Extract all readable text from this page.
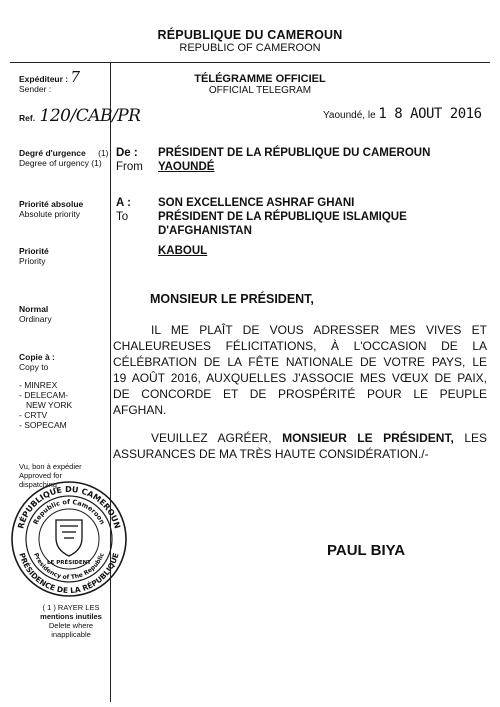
RÉPUBLIQUE DU CAMEROUN
REPUBLIC OF CAMEROON
Expéditeur : 7
Sender :
Ref. 120/CAB/PR
Degré d'urgence (1)
Degree of urgency (1)
Priorité absolue
Absolute priority
Priorité
Priority
Normal
Ordinary
Copie à :
Copy to
- MINREX
- DELECAM-
NEW YORK
- CRTV
- SOPECAM
Vu, bon à expédier
Approved for
dispatching
RÉPUBLIQUE DU CAMEROUN
Republic of Cameroon
Presidency of The Republic
PRÉSIDENCE DE LA RÉPUBLIQUE
LE PRÉSIDENT
( 1 ) RAYER LES
mentions inutiles
Delete where
inapplicable
TÉLÉGRAMME OFFICIEL
OFFICIAL TELEGRAM
Yaoundé, le 1 8 AOUT 2016
De :
From
PRÉSIDENT DE LA RÉPUBLIQUE DU CAMEROUN
YAOUNDÉ
A :
To
SON EXCELLENCE ASHRAF GHANI
PRÉSIDENT DE LA RÉPUBLIQUE ISLAMIQUE
D'AFGHANISTAN
KABOUL
MONSIEUR LE PRÉSIDENT,
IL ME PLAÎT DE VOUS ADRESSER MES VIVES ET
CHALEUREUSES FÉLICITATIONS, À L'OCCASION DE LA
CÉLÉBRATION DE LA FÊTE NATIONALE DE VOTRE PAYS, LE
19 AOÛT 2016, AUXQUELLES J'ASSOCIE MES VŒUX DE PAIX,
DE CONCORDE ET DE PROSPÉRITÉ POUR LE PEUPLE
AFGHAN.
VEUILLEZ AGRÉER, MONSIEUR LE PRÉSIDENT, LES
ASSURANCES DE MA TRÈS HAUTE CONSIDÉRATION./-
PAUL BIYA
